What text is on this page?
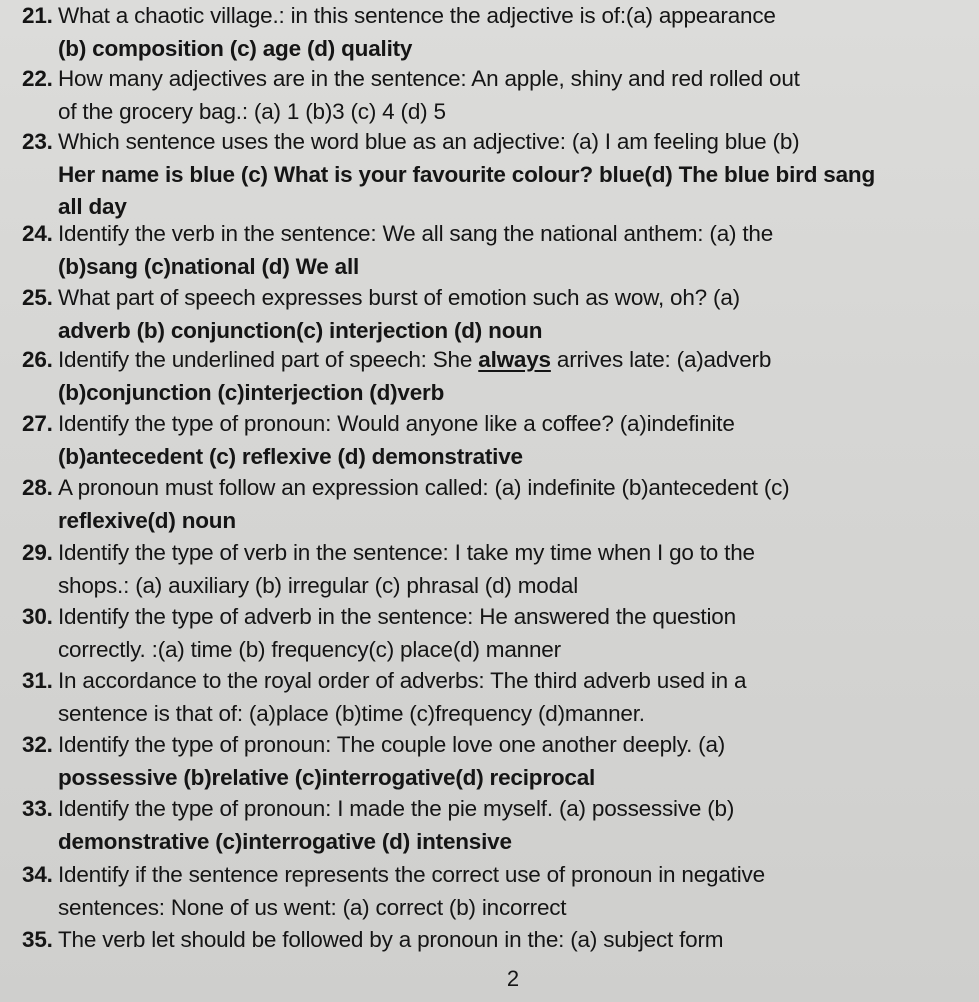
21. What a chaotic village.: in this sentence the adjective is of:(a) appearance
(b) composition (c) age (d) quality
22. How many adjectives are in the sentence: An apple, shiny and red rolled out
of the grocery bag.: (a) 1 (b)3 (c) 4 (d) 5
23. Which sentence uses the word blue as an adjective: (a) I am feeling blue (b)
Her name is blue (c) What is your favourite colour? blue(d) The blue bird sang
all day
24. Identify the verb in the sentence: We all sang the national anthem: (a) the
(b)sang (c)national (d) We all
25. What part of speech expresses burst of emotion such as wow, oh? (a)
adverb (b) conjunction(c) interjection (d) noun
26. Identify the underlined part of speech: She always arrives late: (a)adverb
(b)conjunction (c)interjection (d)verb
27. Identify the type of pronoun: Would anyone like a coffee? (a)indefinite
(b)antecedent (c) reflexive (d) demonstrative
28. A pronoun must follow an expression called: (a) indefinite (b)antecedent (c)
reflexive(d) noun
29. Identify the type of verb in the sentence: I take my time when I go to the
shops.: (a) auxiliary (b) irregular (c) phrasal (d) modal
30. Identify the type of adverb in the sentence: He answered the question
correctly. :(a) time (b) frequency(c) place(d) manner
31. In accordance to the royal order of adverbs: The third adverb used in a
sentence is that of: (a)place (b)time (c)frequency (d)manner.
32. Identify the type of pronoun: The couple love one another deeply. (a)
possessive (b)relative (c)interrogative(d) reciprocal
33. Identify the type of pronoun: I made the pie myself. (a) possessive (b)
demonstrative (c)interrogative (d) intensive
34. Identify if the sentence represents the correct use of pronoun in negative
sentences: None of us went: (a) correct (b) incorrect
35. The verb let should be followed by a pronoun in the: (a) subject form
2
